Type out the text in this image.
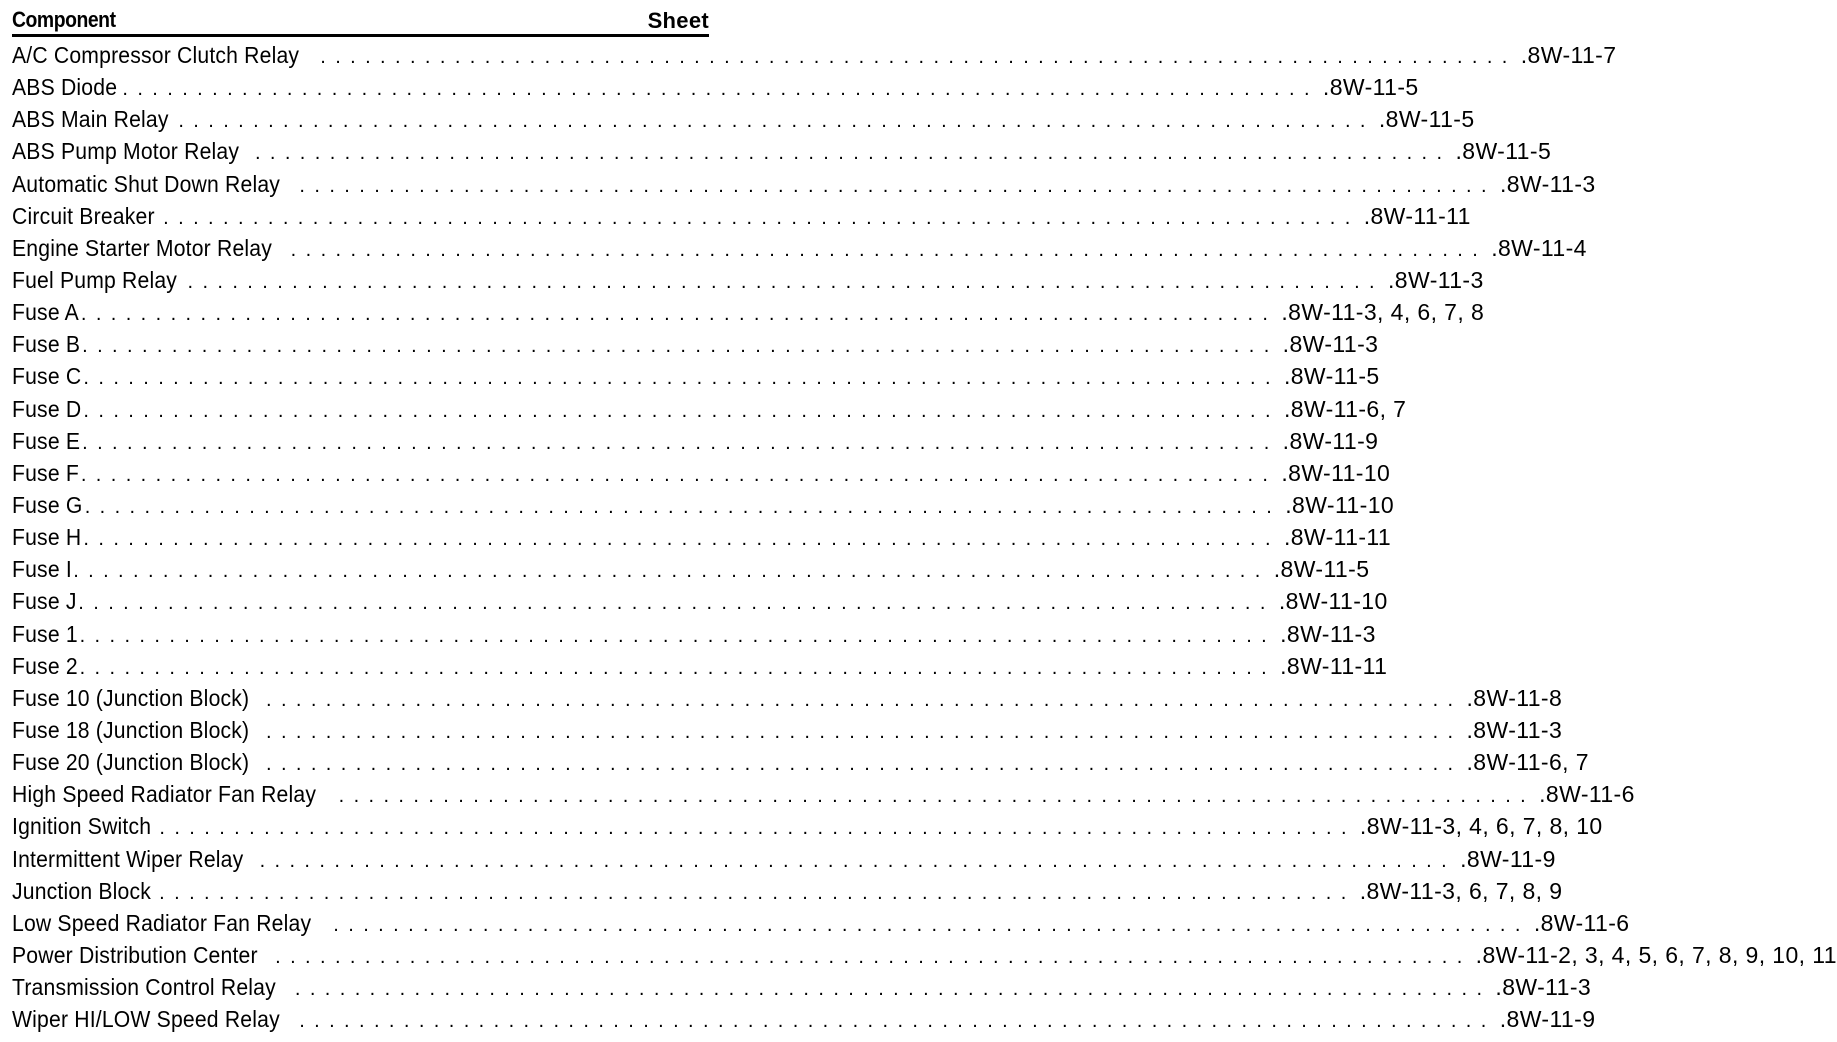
Component	Sheet
A/C Compressor Clutch Relay ................................................................................ .8W-11-7
ABS Diode ................................................................................ .8W-11-5
ABS Main Relay ................................................................................ .8W-11-5
ABS Pump Motor Relay ................................................................................ .8W-11-5
Automatic Shut Down Relay ................................................................................ .8W-11-3
Circuit Breaker ................................................................................ .8W-11-11
Engine Starter Motor Relay ................................................................................ .8W-11-4
Fuel Pump Relay ................................................................................ .8W-11-3
Fuse A ................................................................................ .8W-11-3, 4, 6, 7, 8
Fuse B ................................................................................ .8W-11-3
Fuse C ................................................................................ .8W-11-5
Fuse D ................................................................................ .8W-11-6, 7
Fuse E ................................................................................ .8W-11-9
Fuse F ................................................................................ .8W-11-10
Fuse G ................................................................................ .8W-11-10
Fuse H ................................................................................ .8W-11-11
Fuse I ................................................................................ .8W-11-5
Fuse J ................................................................................ .8W-11-10
Fuse 1 ................................................................................ .8W-11-3
Fuse 2 ................................................................................ .8W-11-11
Fuse 10 (Junction Block) ................................................................................ .8W-11-8
Fuse 18 (Junction Block) ................................................................................ .8W-11-3
Fuse 20 (Junction Block) ................................................................................ .8W-11-6, 7
High Speed Radiator Fan Relay ................................................................................ .8W-11-6
Ignition Switch ................................................................................ .8W-11-3, 4, 6, 7, 8, 10
Intermittent Wiper Relay ................................................................................ .8W-11-9
Junction Block ................................................................................ .8W-11-3, 6, 7, 8, 9
Low Speed Radiator Fan Relay ................................................................................ .8W-11-6
Power Distribution Center ................................................................................ .8W-11-2, 3, 4, 5, 6, 7, 8, 9, 10, 11
Transmission Control Relay ................................................................................ .8W-11-3
Wiper HI/LOW Speed Relay ................................................................................ .8W-11-9
